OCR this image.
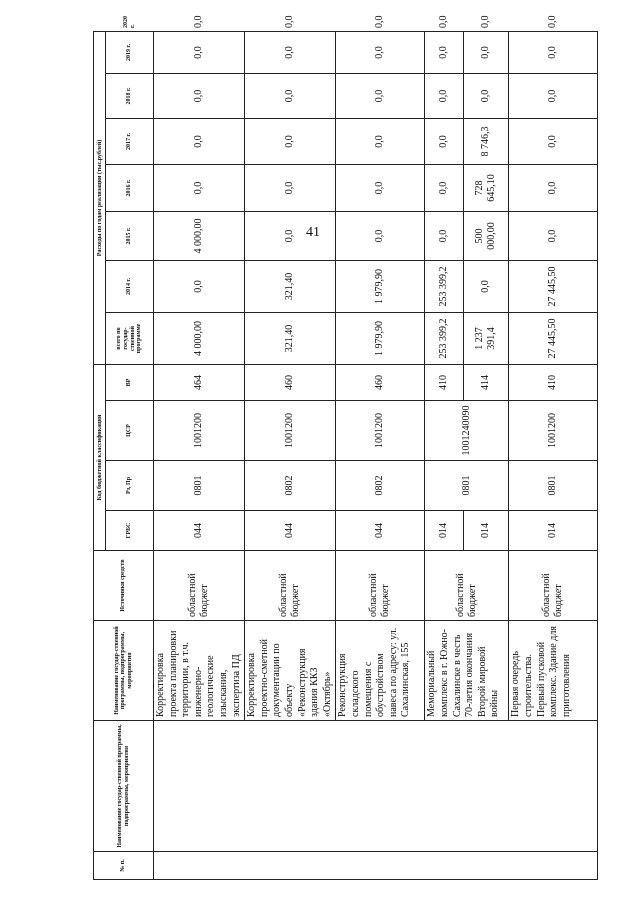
41
№ п.	Наименование государ-ственной программы, подпрограммы, мероприятия	Наименование государ-ственной программы, подпрограммы, мероприятия	Источники средств	Код бюджетной классификации				Расходы по годам реализации (тыс.рублей)							
				ГРБС	Рз, Пр	ЦСР	ВР	всего по государ-ственной программе	2014 г.	2015 г.	2016 г.	2017 г.	2018 г.	2019 г.	2020 г.
		Корректировка проекта планировки территории, в т.ч. инженерно-геологические изыскания, экспертиза ПД	областной бюджет	044	0801	1001200	464	4 000,00	0,0	4 000,00	0,0	0,0	0,0	0,0	0,0
		Корректировка проектно-сметной документации по объекту «Реконструкция здания ККЗ «Октябрь»	областной бюджет	044	0802	1001200	460	321,40	321,40	0,0	0,0	0,0	0,0	0,0	0,0
		Реконструкция складского помещения с обустройством навеса по адресу: ул. Сахалинская, 155	областной бюджет	044	0802	1001200	460	1 979,90	1 979,90	0,0	0,0	0,0	0,0	0,0	0,0
		Мемориальный комплекс в г. Южно-Сахалинске в честь 70-летия окончания Второй мировой войны	областной бюджет	014	0801	1001240090	410	253 399,2	253 399,2	0,0	0,0	0,0	0,0	0,0	0,0
				014			414	1 237 391,4	0,0	500 000,00	728 645,10	8 746,3	0,0	0,0	0,0
		Первая очередь строительства. Первый пусковой комплекс. Здание для приготовления	областной бюджет	014	0801	1001200	410	27 445,50	27 445,50	0,0	0,0	0,0	0,0	0,0	0,0
